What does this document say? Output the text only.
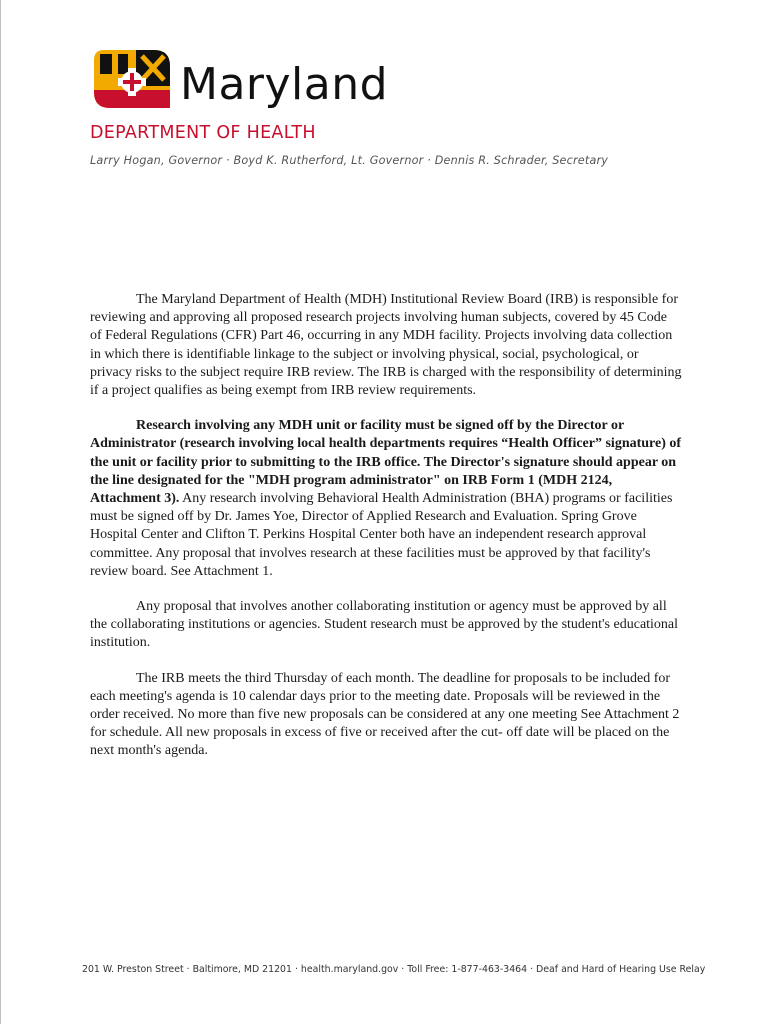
Maryland
DEPARTMENT OF HEALTH
Larry Hogan, Governor · Boyd K. Rutherford, Lt. Governor · Dennis R. Schrader, Secretary

The Maryland Department of Health (MDH) Institutional Review Board (IRB) is responsible for reviewing and approving all proposed research projects involving human subjects, covered by 45 Code of Federal Regulations (CFR) Part 46, occurring in any MDH facility. Projects involving data collection in which there is identifiable linkage to the subject or involving physical, social, psychological, or privacy risks to the subject require IRB review. The IRB is charged with the responsibility of determining if a project qualifies as being exempt from IRB review requirements.

Research involving any MDH unit or facility must be signed off by the Director or Administrator (research involving local health departments requires “Health Officer” signature) of the unit or facility prior to submitting to the IRB office. The Director's signature should appear on the line designated for the "MDH program administrator" on IRB Form 1 (MDH 2124, Attachment 3). Any research involving Behavioral Health Administration (BHA) programs or facilities must be signed off by Dr. James Yoe, Director of Applied Research and Evaluation. Spring Grove Hospital Center and Clifton T. Perkins Hospital Center both have an independent research approval committee. Any proposal that involves research at these facilities must be approved by that facility's review board. See Attachment 1.

Any proposal that involves another collaborating institution or agency must be approved by all the collaborating institutions or agencies. Student research must be approved by the student's educational institution.

The IRB meets the third Thursday of each month. The deadline for proposals to be included for each meeting's agenda is 10 calendar days prior to the meeting date. Proposals will be reviewed in the order received. No more than five new proposals can be considered at any one meeting See Attachment 2 for schedule. All new proposals in excess of five or received after the cut- off date will be placed on the next month's agenda.

201 W. Preston Street · Baltimore, MD 21201 · health.maryland.gov · Toll Free: 1-877-463-3464 · Deaf and Hard of Hearing Use Relay
